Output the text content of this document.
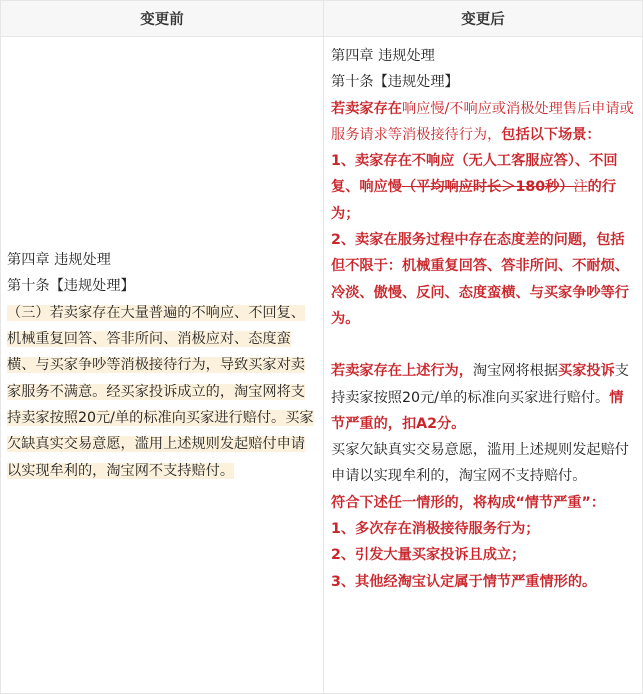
变更前	变更后

第四章 违规处理

第十条【违规处理】

（三）若卖家存在大量普遍的不响应、不回复、机械重复回答、答非所问、消极应对、态度蛮横、与买家争吵等消极接待行为，导致买家对卖家服务不满意。经买家投诉成立的，淘宝网将支持卖家按照20元/单的标准向买家进行赔付。买家欠缺真实交易意愿，滥用上述规则发起赔付申请以实现牟利的，淘宝网不支持赔付。

第四章 违规处理

第十条【违规处理】

若卖家存在响应慢/不响应或消极处理售后申请或服务请求等消极接待行为，包括以下场景：

1、卖家存在不响应（无人工客服应答）、不回复、响应慢（平均响应时长＞180秒）注的行为；

2、卖家在服务过程中存在态度差的问题，包括但不限于：机械重复回答、答非所问、不耐烦、冷淡、傲慢、反问、态度蛮横、与买家争吵等行为。

若卖家存在上述行为，淘宝网将根据买家投诉支持卖家按照20元/单的标准向买家进行赔付。情节严重的，扣A2分。

买家欠缺真实交易意愿，滥用上述规则发起赔付申请以实现牟利的，淘宝网不支持赔付。

符合下述任一情形的，将构成“情节严重”：

1、多次存在消极接待服务行为；

2、引发大量买家投诉且成立；

3、其他经淘宝认定属于情节严重情形的。
